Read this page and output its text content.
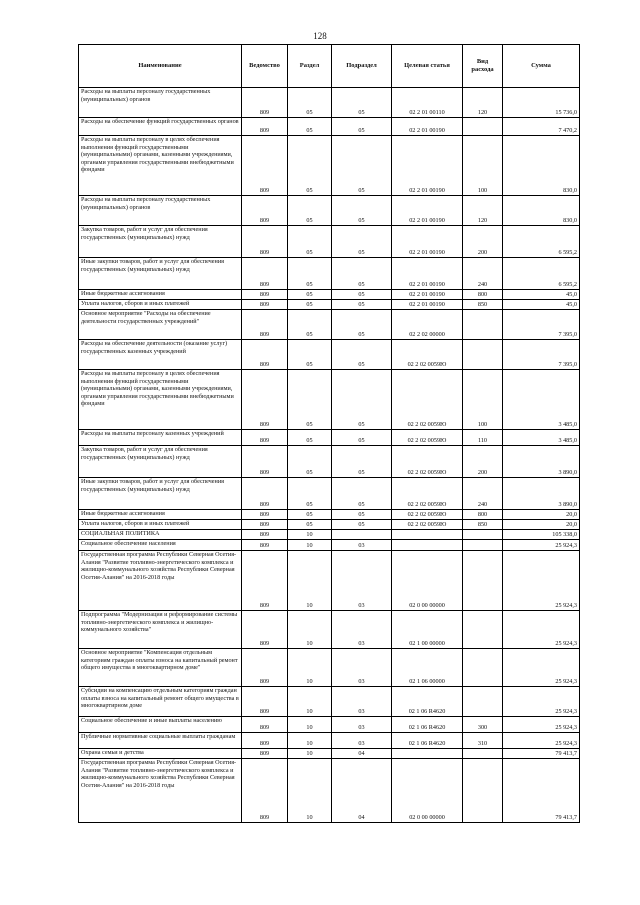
128
Наименование	Ведомство	Раздел	Подраздел	Целевая статья	Вид расхода	Сумма
Расходы на выплаты персоналу государственных (муниципальных) органов	809	05	05	02 2 01 00110	120	15 736,0
Расходы на обеспечение функций государственных органов	809	05	05	02 2 01 00190		7 470,2
Расходы на выплаты персоналу в целях обеспечения выполнения функций государственными (муниципальными) органами, казенными учреждениями, органами управления государственными внебюджетными фондами	809	05	05	02 2 01 00190	100	830,0
Расходы на выплаты персоналу государственных (муниципальных) органов	809	05	05	02 2 01 00190	120	830,0
Закупка товаров, работ и услуг для обеспечения государственных (муниципальных) нужд	809	05	05	02 2 01 00190	200	6 595,2
Иные закупки товаров, работ и услуг для обеспечения государственных (муниципальных) нужд	809	05	05	02 2 01 00190	240	6 595,2
Иные бюджетные ассигнования	809	05	05	02 2 01 00190	800	45,0
Уплата налогов, сборов и иных платежей	809	05	05	02 2 01 00190	850	45,0
Основное мероприятие "Расходы на обеспечение деятельности государственных учреждений"	809	05	05	02 2 02 00000		7 395,0
Расходы на обеспечение деятельности (оказание услуг) государственных казенных учреждений	809	05	05	02 2 02 0059Ю		7 395,0
Расходы на выплаты персоналу в целях обеспечения выполнения функций государственными (муниципальными) органами, казенными учреждениями, органами управления государственными внебюджетными фондами	809	05	05	02 2 02 0059Ю	100	3 485,0
Расходы на выплаты персоналу казенных учреждений	809	05	05	02 2 02 0059Ю	110	3 485,0
Закупка товаров, работ и услуг для обеспечения государственных (муниципальных) нужд	809	05	05	02 2 02 0059Ю	200	3 890,0
Иные закупки товаров, работ и услуг для обеспечения государственных (муниципальных) нужд	809	05	05	02 2 02 0059Ю	240	3 890,0
Иные бюджетные ассигнования	809	05	05	02 2 02 0059Ю	800	20,0
Уплата налогов, сборов и иных платежей	809	05	05	02 2 02 0059Ю	850	20,0
СОЦИАЛЬНАЯ ПОЛИТИКА	809	10				105 338,0
Социальное обеспечение населения	809	10	03			25 924,3
Государственная программа Республики Северная Осетия-Алания "Развитие топливно-энергетического комплекса и жилищно-коммунального хозяйства Республики Северная Осетия-Алания" на 2016-2018 годы	809	10	03	02 0 00 00000		25 924,3
Подпрограмма "Модернизация и реформирование системы топливно-энергетического комплекса и жилищно-коммунального хозяйства"	809	10	03	02 1 00 00000		25 924,3
Основное мероприятие "Компенсация отдельным категориям граждан оплаты взноса на капитальный ремонт общего имущества в многоквартирном доме"	809	10	03	02 1 06 00000		25 924,3
Субсидии на компенсацию отдельным категориям граждан оплаты взноса на капитальный ремонт общего имущества в многоквартирном доме	809	10	03	02 1 06 R4620		25 924,3
Социальное обеспечение и иные выплаты населению	809	10	03	02 1 06 R4620	300	25 924,3
Публичные нормативные социальные выплаты гражданам	809	10	03	02 1 06 R4620	310	25 924,3
Охрана семьи и детства	809	10	04			79 413,7
Государственная программа Республики Северная Осетия-Алания "Развитие топливно-энергетического комплекса и жилищно-коммунального хозяйства Республики Северная Осетия-Алания" на 2016-2018 годы	809	10	04	02 0 00 00000		79 413,7
